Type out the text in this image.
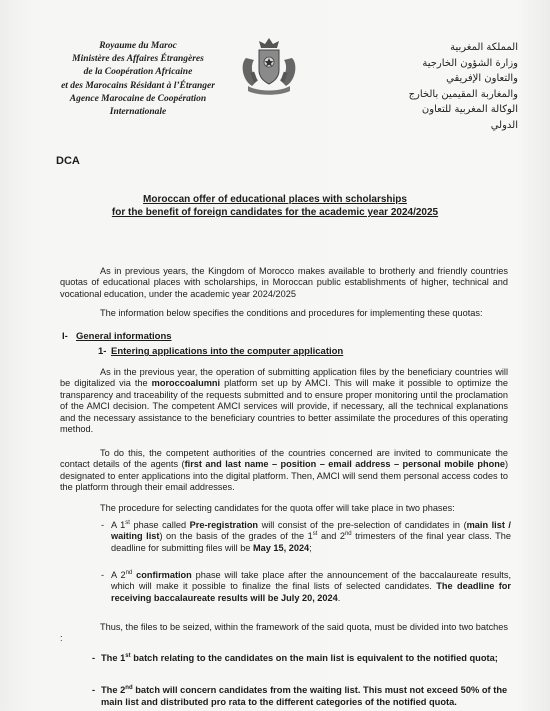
Royaume du Maroc
Ministère des Affaires Étrangères
de la Coopération Africaine
et des Marocains Résidant à l’Étranger
Agence Marocaine de Coopération
Internationale
المملكة المغربية
وزارة الشؤون الخارجية
والتعاون الإفريقي
والمغاربة المقيمين بالخارج
الوكالة المغربية للتعاون
الدولي
DCA
Moroccan offer of educational places with scholarships
for the benefit of foreign candidates for the academic year 2024/2025
As in previous years, the Kingdom of Morocco makes available to brotherly and friendly countries quotas of educational places with scholarships, in Moroccan public establishments of higher, technical and vocational education, under the academic year 2024/2025
The information below specifies the conditions and procedures for implementing these quotas:
I- General informations
1- Entering applications into the computer application
As in the previous year, the operation of submitting application files by the beneficiary countries will be digitalized via the moroccoalumni platform set up by AMCI. This will make it possible to optimize the transparency and traceability of the requests submitted and to ensure proper monitoring until the proclamation of the AMCI decision. The competent AMCI services will provide, if necessary, all the technical explanations and the necessary assistance to the beneficiary countries to better assimilate the procedures of this operating method.
To do this, the competent authorities of the countries concerned are invited to communicate the contact details of the agents (first and last name – position – email address – personal mobile phone) designated to enter applications into the digital platform. Then, AMCI will send them personal access codes to the platform through their email addresses.
The procedure for selecting candidates for the quota offer will take place in two phases:
- A 1st phase called Pre-registration will consist of the pre-selection of candidates in (main list / waiting list) on the basis of the grades of the 1st and 2nd trimesters of the final year class. The deadline for submitting files will be May 15, 2024;
- A 2nd confirmation phase will take place after the announcement of the baccalaureate results, which will make it possible to finalize the final lists of selected candidates. The deadline for receiving baccalaureate results will be July 20, 2024.
Thus, the files to be seized, within the framework of the said quota, must be divided into two batches :
- The 1st batch relating to the candidates on the main list is equivalent to the notified quota;
- The 2nd batch will concern candidates from the waiting list. This must not exceed 50% of the main list and distributed pro rata to the different categories of the notified quota.
